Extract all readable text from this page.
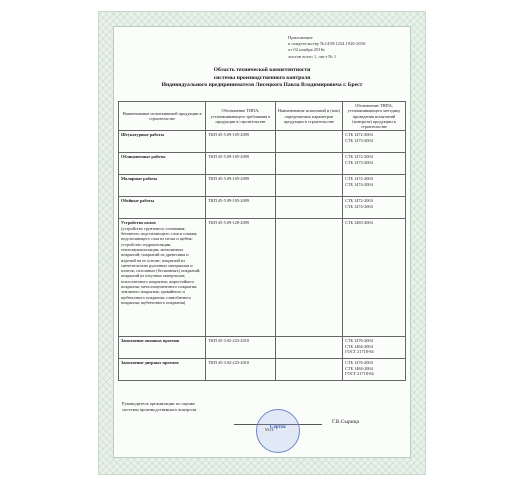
Приложение
к свидетельству №1439/1234.1926-2016
от 02 ноября 2016г.
листов всего 1, лист № 1
Область технической компетентности
системы производственного контроля
Индивидуального предпринимателя Лисецкого Павла Владимировича г. Брест
Наименование испытываемой продукции в строительстве	Обозначение ТНПА, устанавливающего требования к продукции в строительстве	Наименование испытаний и (или) определяемых параметров продукции в строительстве	Обозначение ТНПА, устанавливающего методику проведения испытаний (контроля) продукции в строительстве
Штукатурные работы	ТКП 45-5.09-105-2009		СТБ 1472-2004
СТБ 1473-2004
Облицовочные работы	ТКП 45-5.09-105-2009		СТБ 1472-2004
СТБ 1473-2004
Малярные работы	ТКП 45-5.09-105-2009		СТБ 1472-2004
СТБ 1474-2004
Обойные работы	ТКП 45-5.09-105-2009		СТБ 1472-2004
СТБ 1474-2004
Устройство полов
(устройство грунтового основания; бетонного подстилающего слоя и стяжки; подстилающего слоя из песка и щебня; устройство гидроизоляции, теплозвукоизоляции; монолитных покрытий; покрытий из древесины и изделий на ее основе; покрытий из синтетических рулонных материалов и плиток; сплошных (бесшовных) покрытий; покрытий из штучных материалов; ксилолитового покрытия; жаростойкого покрытия; металлоцементного покрытия; земляного покрытия; гравийного и щебеночного покрытия; глинобитного покрытия; щебеночного покрытия)	ТКП 45-5.09-128-2009		СТБ 1483-2004
Заполнение оконных проемов	ТКП 45-3.02-223-2010		СТБ 1476-2004
СТБ 1484-2004
ГОСТ 21718-84
Заполнение дверных проемов	ТКП 45-3.02-223-2010		СТБ 1476-2004
СТБ 1484-2004
ГОСТ 21718-84
Руководитель организации по оценке
системы производственного контроля
Сертис
М.П.
Г.В.Сырица
